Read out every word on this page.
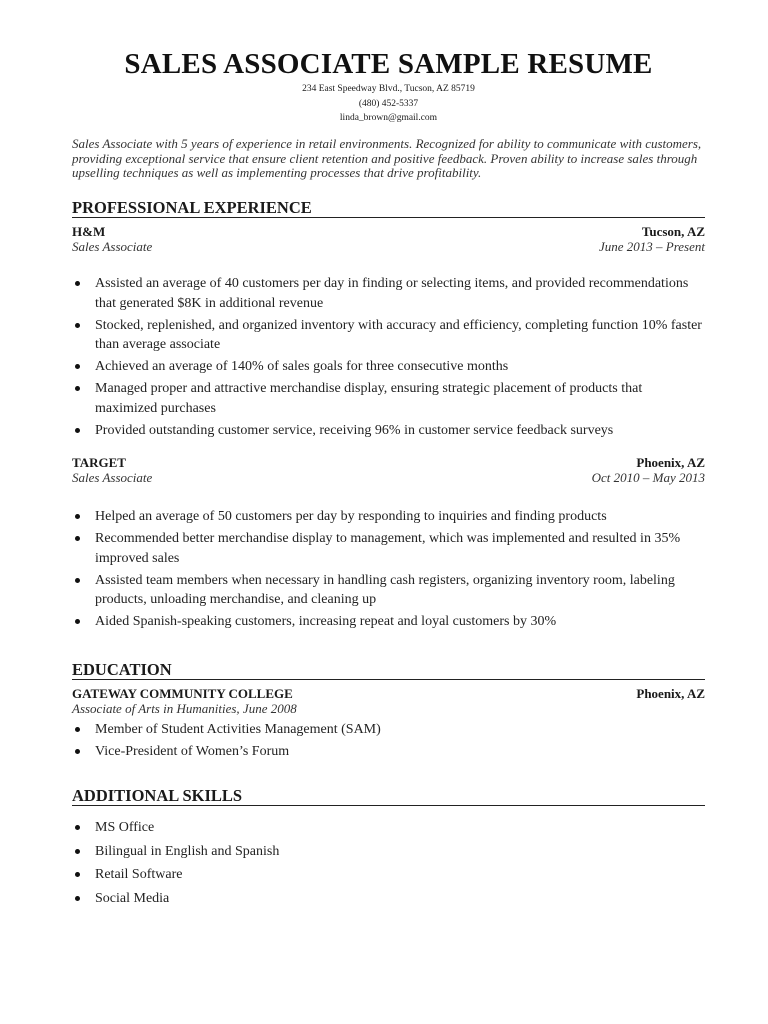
SALES ASSOCIATE SAMPLE RESUME
234 East Speedway Blvd., Tucson, AZ 85719
(480) 452-5337
linda_brown@gmail.com
Sales Associate with 5 years of experience in retail environments. Recognized for ability to communicate with customers, providing exceptional service that ensure client retention and positive feedback. Proven ability to increase sales through upselling techniques as well as implementing processes that drive profitability.
PROFESSIONAL EXPERIENCE
H&M	Tucson, AZ
Sales Associate	June 2013 – Present
Assisted an average of 40 customers per day in finding or selecting items, and provided recommendations that generated $8K in additional revenue
Stocked, replenished, and organized inventory with accuracy and efficiency, completing function 10% faster than average associate
Achieved an average of 140% of sales goals for three consecutive months
Managed proper and attractive merchandise display, ensuring strategic placement of products that maximized purchases
Provided outstanding customer service, receiving 96% in customer service feedback surveys
TARGET	Phoenix, AZ
Sales Associate	Oct 2010 – May 2013
Helped an average of 50 customers per day by responding to inquiries and finding products
Recommended better merchandise display to management, which was implemented and resulted in 35% improved sales
Assisted team members when necessary in handling cash registers, organizing inventory room, labeling products, unloading merchandise, and cleaning up
Aided Spanish-speaking customers, increasing repeat and loyal customers by 30%
EDUCATION
GATEWAY COMMUNITY COLLEGE	Phoenix, AZ
Associate of Arts in Humanities, June 2008
Member of Student Activities Management (SAM)
Vice-President of Women’s Forum
ADDITIONAL SKILLS
MS Office
Bilingual in English and Spanish
Retail Software
Social Media
